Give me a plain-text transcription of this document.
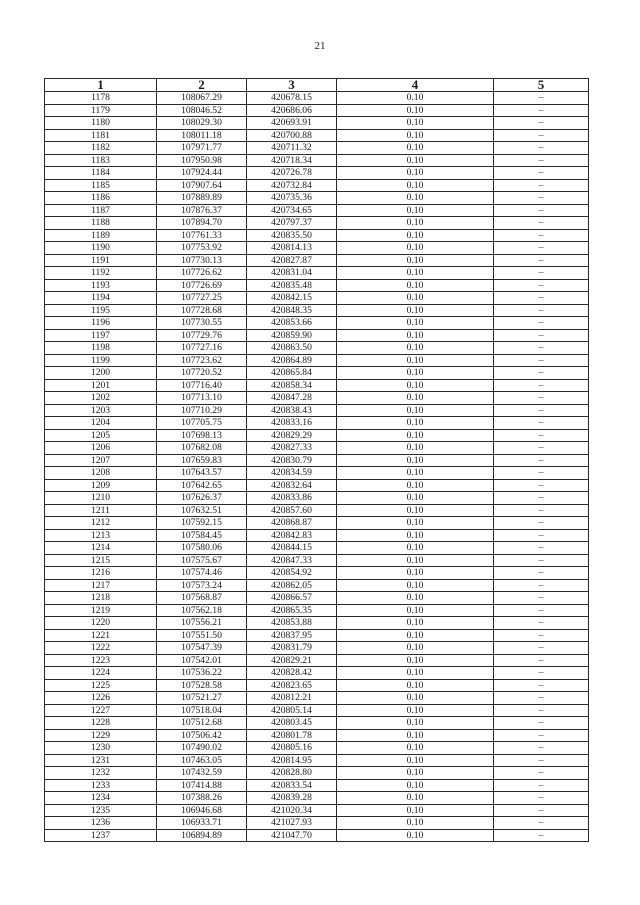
21
1	2	3	4	5
1178	108067.29	420678.15	0.10	–
1179	108046.52	420686.06	0.10	–
1180	108029.30	420693.91	0.10	–
1181	108011.18	420700.88	0.10	–
1182	107971.77	420711.32	0.10	–
1183	107950.98	420718.34	0.10	–
1184	107924.44	420726.78	0.10	–
1185	107907.64	420732.84	0.10	–
1186	107889.89	420735.36	0.10	–
1187	107876.37	420734.65	0.10	–
1188	107894.70	420797.37	0.10	–
1189	107761.33	420835.50	0.10	–
1190	107753.92	420814.13	0.10	–
1191	107730.13	420827.87	0.10	–
1192	107726.62	420831.04	0.10	–
1193	107726.69	420835.48	0.10	–
1194	107727.25	420842.15	0.10	–
1195	107728.68	420848.35	0.10	–
1196	107730.55	420853.66	0.10	–
1197	107729.76	420859.90	0.10	–
1198	107727.16	420863.50	0.10	–
1199	107723.62	420864.89	0.10	–
1200	107720.52	420865.84	0.10	–
1201	107716.40	420858.34	0.10	–
1202	107713.10	420847.28	0.10	–
1203	107710.29	420838.43	0.10	–
1204	107705.75	420833.16	0.10	–
1205	107698.13	420829.29	0.10	–
1206	107682.08	420827.33	0.10	–
1207	107659.83	420830.79	0.10	–
1208	107643.57	420834.59	0.10	–
1209	107642.65	420832.64	0.10	–
1210	107626.37	420833.86	0.10	–
1211	107632.51	420857.60	0.10	–
1212	107592.15	420868.87	0.10	–
1213	107584.45	420842.83	0.10	–
1214	107580.06	420844.15	0.10	–
1215	107575.67	420847.33	0.10	–
1216	107574.46	420854.92	0.10	–
1217	107573.24	420862.05	0.10	–
1218	107568.87	420866.57	0.10	–
1219	107562.18	420865.35	0.10	–
1220	107556.21	420853.88	0.10	–
1221	107551.50	420837.95	0.10	–
1222	107547.39	420831.79	0.10	–
1223	107542.01	420829.21	0.10	–
1224	107536.22	420828.42	0.10	–
1225	107528.58	420823.65	0.10	–
1226	107521.27	420812.21	0.10	–
1227	107518.04	420805.14	0.10	–
1228	107512.68	420803.45	0.10	–
1229	107506.42	420801.78	0.10	–
1230	107490.02	420805.16	0.10	–
1231	107463.05	420814.95	0.10	–
1232	107432.59	420828.80	0.10	–
1233	107414.88	420833.54	0.10	–
1234	107388.26	420839.28	0.10	–
1235	106946.68	421020.34	0.10	–
1236	106933.71	421027.93	0.10	–
1237	106894.89	421047.70	0.10	–
